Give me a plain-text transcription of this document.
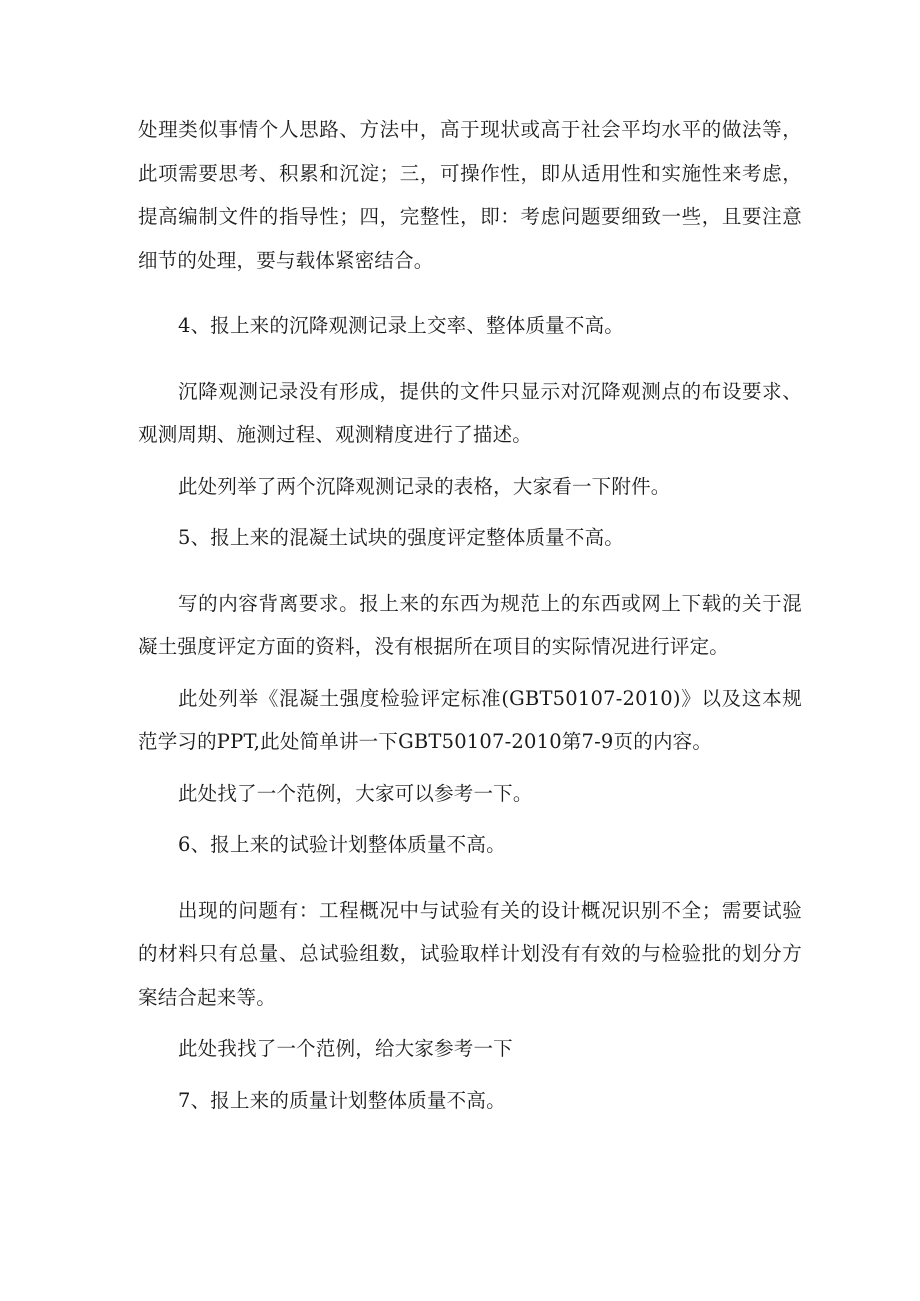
处理类似事情个人思路、方法中，高于现状或高于社会平均水平的做法等，此项需要思考、积累和沉淀；三，可操作性，即从适用性和实施性来考虑，提高编制文件的指导性；四，完整性，即：考虑问题要细致一些，且要注意细节的处理，要与载体紧密结合。

4、报上来的沉降观测记录上交率、整体质量不高。

沉降观测记录没有形成，提供的文件只显示对沉降观测点的布设要求、观测周期、施测过程、观测精度进行了描述。

此处列举了两个沉降观测记录的表格，大家看一下附件。

5、报上来的混凝土试块的强度评定整体质量不高。

写的内容背离要求。报上来的东西为规范上的东西或网上下载的关于混凝土强度评定方面的资料，没有根据所在项目的实际情况进行评定。

此处列举《混凝土强度检验评定标准(GBT50107-2010)》以及这本规范学习的PPT,此处简单讲一下GBT50107-2010第7-9页的内容。

此处找了一个范例，大家可以参考一下。

6、报上来的试验计划整体质量不高。

出现的问题有：工程概况中与试验有关的设计概况识别不全；需要试验的材料只有总量、总试验组数，试验取样计划没有有效的与检验批的划分方案结合起来等。

此处我找了一个范例，给大家参考一下

7、报上来的质量计划整体质量不高。
